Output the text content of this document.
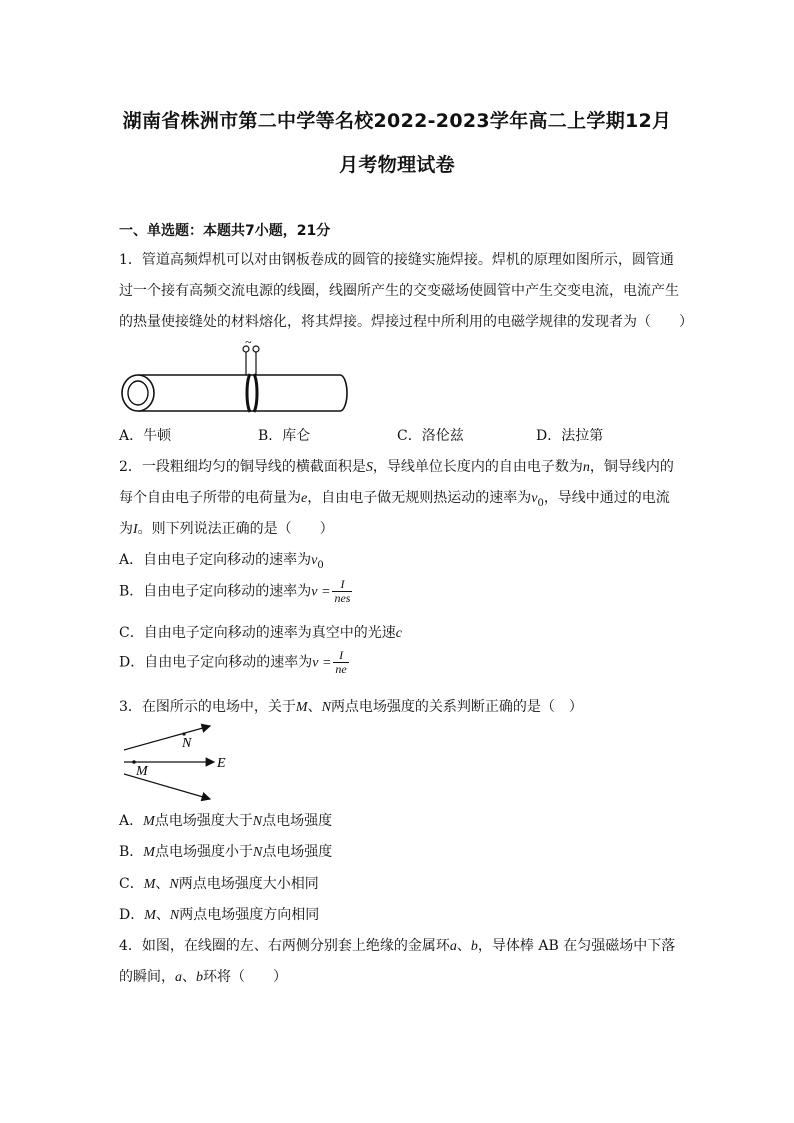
湖南省株洲市第二中学等名校2022-2023学年高二上学期12月
月考物理试卷
一、单选题：本题共7小题，21分
1．管道高频焊机可以对由钢板卷成的圆管的接缝实施焊接。焊机的原理如图所示，圆管通
过一个接有高频交流电源的线圈，线圈所产生的交变磁场使圆管中产生交变电流，电流产生
的热量使接缝处的材料熔化，将其焊接。焊接过程中所利用的电磁学规律的发现者为（　　）
~
A．牛顿	B．库仑	C．洛伦兹	D．法拉第
2．一段粗细均匀的铜导线的横截面积是S，导线单位长度内的自由电子数为n，铜导线内的
每个自由电子所带的电荷量为e，自由电子做无规则热运动的速率为$v_0$，导线中通过的电流
为I。则下列说法正确的是（　　）
A．自由电子定向移动的速率为$v_0$
B．自由电子定向移动的速率为$v = \frac{I}{\text{nes}}$
C．自由电子定向移动的速率为真空中的光速c
D．自由电子定向移动的速率为$v = \frac{I}{ne}$
3．在图所示的电场中，关于M、N两点电场强度的关系判断正确的是（　）
N
M
E
A．M点电场强度大于N点电场强度
B．M点电场强度小于N点电场强度
C．M、N两点电场强度大小相同
D．M、N两点电场强度方向相同
4．如图，在线圈的左、右两侧分别套上绝缘的金属环a、b，导体棒 AB 在匀强磁场中下落
的瞬间，a、b环将（　　）
